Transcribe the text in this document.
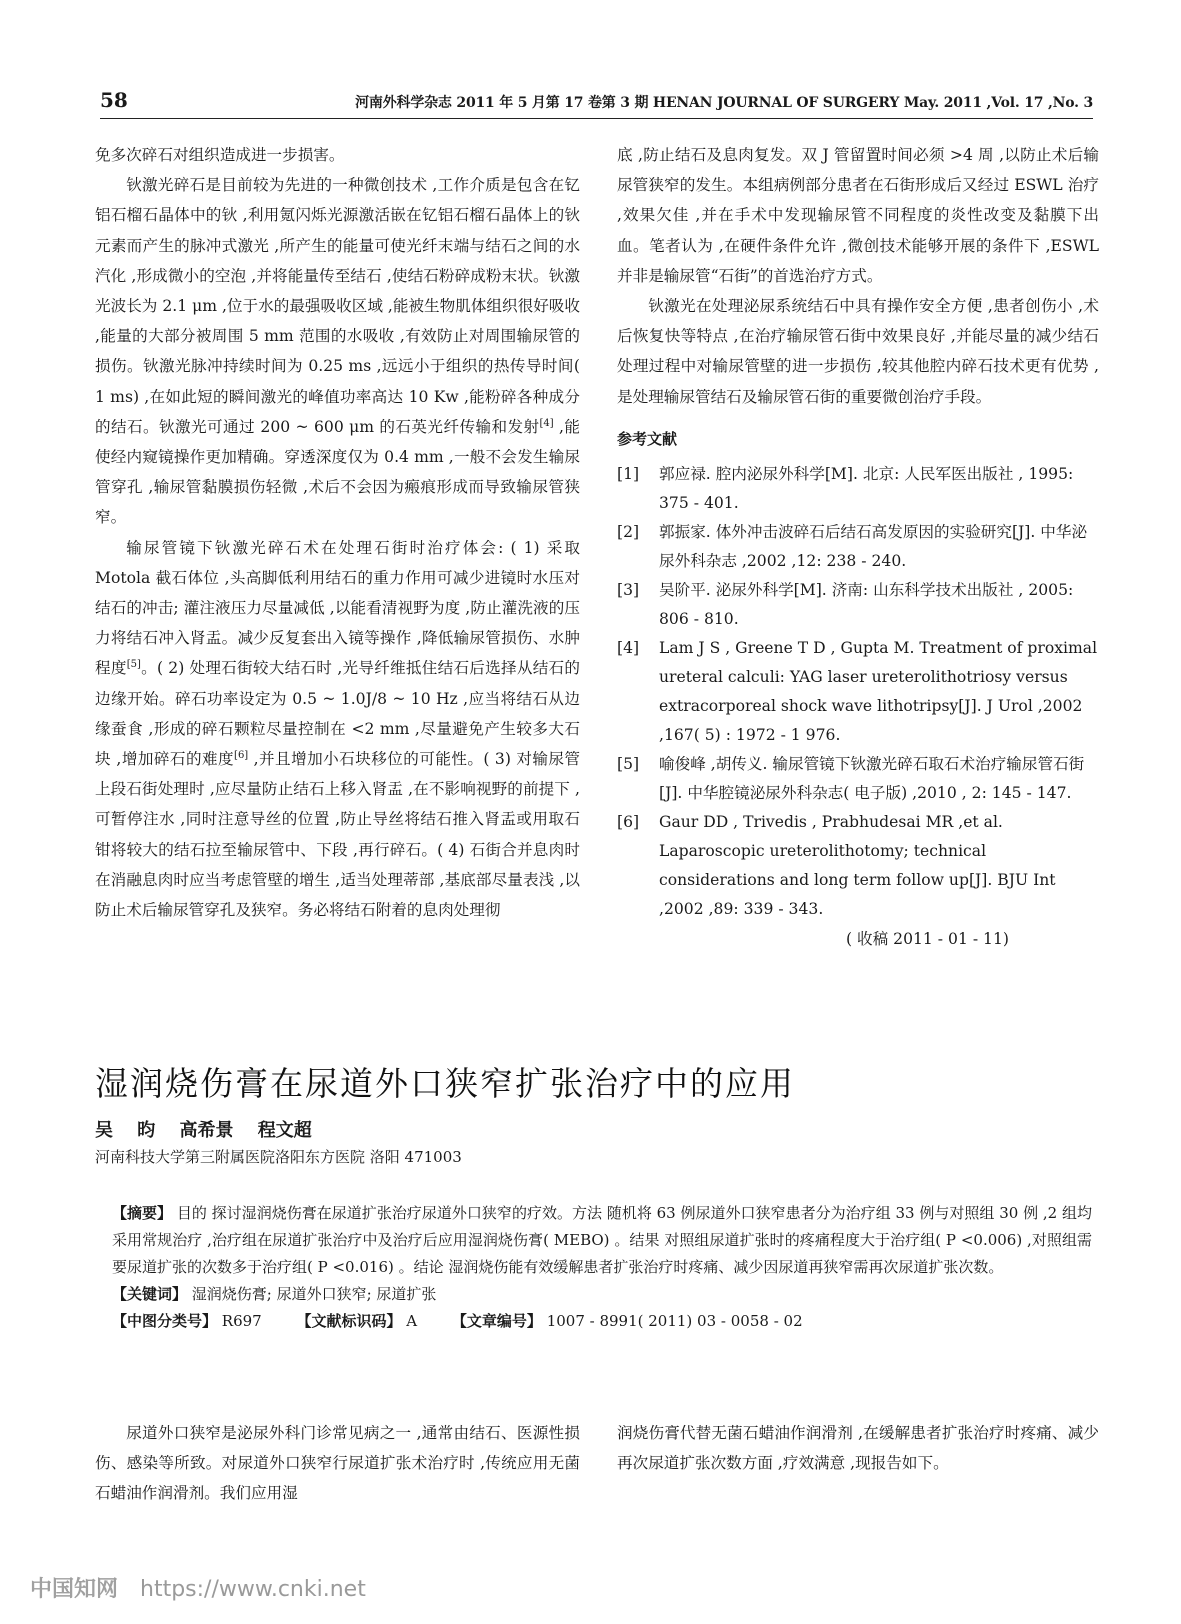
58	河南外科学杂志 2011 年 5 月第 17 卷第 3 期 HENAN JOURNAL OF SURGERY May. 2011 ,Vol. 17 ,No. 3

免多次碎石对组织造成进一步损害。

钬激光碎石是目前较为先进的一种微创技术 ,工作介质是包含在钇铝石榴石晶体中的钬 ,利用氪闪烁光源激活嵌在钇铝石榴石晶体上的钬元素而产生的脉冲式激光 ,所产生的能量可使光纤末端与结石之间的水汽化 ,形成微小的空泡 ,并将能量传至结石 ,使结石粉碎成粉末状。钬激光波长为 2.1 μm ,位于水的最强吸收区域 ,能被生物肌体组织很好吸收 ,能量的大部分被周围 5 mm 范围的水吸收 ,有效防止对周围输尿管的损伤。钬激光脉冲持续时间为 0.25 ms ,远远小于组织的热传导时间( 1 ms) ,在如此短的瞬间激光的峰值功率高达 10 Kw ,能粉碎各种成分的结石。钬激光可通过 200 ~ 600 μm 的石英光纤传输和发射[4] ,能使经内窥镜操作更加精确。穿透深度仅为 0.4 mm ,一般不会发生输尿管穿孔 ,输尿管黏膜损伤轻微 ,术后不会因为瘢痕形成而导致输尿管狭窄。

输尿管镜下钬激光碎石术在处理石街时治疗体会: ( 1) 采取 Motola 截石体位 ,头高脚低利用结石的重力作用可减少进镜时水压对结石的冲击; 灌注液压力尽量减低 ,以能看清视野为度 ,防止灌洗液的压力将结石冲入肾盂。减少反复套出入镜等操作 ,降低输尿管损伤、水肿程度[5]。( 2) 处理石街较大结石时 ,光导纤维抵住结石后选择从结石的边缘开始。碎石功率设定为 0.5 ~ 1.0J/8 ~ 10 Hz ,应当将结石从边缘蚕食 ,形成的碎石颗粒尽量控制在 <2 mm ,尽量避免产生较多大石块 ,增加碎石的难度[6] ,并且增加小石块移位的可能性。( 3) 对输尿管上段石街处理时 ,应尽量防止结石上移入肾盂 ,在不影响视野的前提下 ,可暂停注水 ,同时注意导丝的位置 ,防止导丝将结石推入肾盂或用取石钳将较大的结石拉至输尿管中、下段 ,再行碎石。( 4) 石街合并息肉时在消融息肉时应当考虑管壁的增生 ,适当处理蒂部 ,基底部尽量表浅 ,以防止术后输尿管穿孔及狭窄。务必将结石附着的息肉处理彻

底 ,防止结石及息肉复发。双 J 管留置时间必须 >4 周 ,以防止术后输尿管狭窄的发生。本组病例部分患者在石街形成后又经过 ESWL 治疗 ,效果欠佳 ,并在手术中发现输尿管不同程度的炎性改变及黏膜下出血。笔者认为 ,在硬件条件允许 ,微创技术能够开展的条件下 ,ESWL 并非是输尿管“石街”的首选治疗方式。

钬激光在处理泌尿系统结石中具有操作安全方便 ,患者创伤小 ,术后恢复快等特点 ,在治疗输尿管石街中效果良好 ,并能尽量的减少结石处理过程中对输尿管壁的进一步损伤 ,较其他腔内碎石技术更有优势 ,是处理输尿管结石及输尿管石街的重要微创治疗手段。

参考文献

[1]	郭应禄. 腔内泌尿外科学[M]. 北京: 人民军医出版社 , 1995: 375 - 401.
[2]	郭振家. 体外冲击波碎石后结石高发原因的实验研究[J]. 中华泌尿外科杂志 ,2002 ,12: 238 - 240.
[3]	吴阶平. 泌尿外科学[M]. 济南: 山东科学技术出版社 , 2005: 806 - 810.
[4]	Lam J S , Greene T D , Gupta M. Treatment of proximal ureteral calculi: YAG laser ureterolithotriosy versus extracorporeal shock wave lithotripsy[J]. J Urol ,2002 ,167( 5) : 1972 - 1 976.
[5]	喻俊峰 ,胡传义. 输尿管镜下钬激光碎石取石术治疗输尿管石街[J]. 中华腔镜泌尿外科杂志( 电子版) ,2010 , 2: 145 - 147.
[6]	Gaur DD , Trivedis , Prabhudesai MR ,et al. Laparoscopic ureterolithotomy; technical considerations and long term follow up[J]. BJU Int ,2002 ,89: 339 - 343.

( 收稿 2011 - 01 - 11)

湿润烧伤膏在尿道外口狭窄扩张治疗中的应用
吴 昀 高希景 程文超
河南科技大学第三附属医院洛阳东方医院 洛阳 471003

【摘要】 目的 探讨湿润烧伤膏在尿道扩张治疗尿道外口狭窄的疗效。方法 随机将 63 例尿道外口狭窄患者分为治疗组 33 例与对照组 30 例 ,2 组均采用常规治疗 ,治疗组在尿道扩张治疗中及治疗后应用湿润烧伤膏( MEBO) 。结果 对照组尿道扩张时的疼痛程度大于治疗组( P <0.006) ,对照组需要尿道扩张的次数多于治疗组( P <0.016) 。结论 湿润烧伤能有效缓解患者扩张治疗时疼痛、减少因尿道再狭窄需再次尿道扩张次数。

【关键词】 湿润烧伤膏; 尿道外口狭窄; 尿道扩张

【中图分类号】 R697 【文献标识码】 A 【文章编号】 1007 - 8991( 2011) 03 - 0058 - 02

尿道外口狭窄是泌尿外科门诊常见病之一 ,通常由结石、医源性损伤、感染等所致。对尿道外口狭窄行尿道扩张术治疗时 ,传统应用无菌石蜡油作润滑剂。我们应用湿

润烧伤膏代替无菌石蜡油作润滑剂 ,在缓解患者扩张治疗时疼痛、减少再次尿道扩张次数方面 ,疗效满意 ,现报告如下。

中国知网 https://www.cnki.net
